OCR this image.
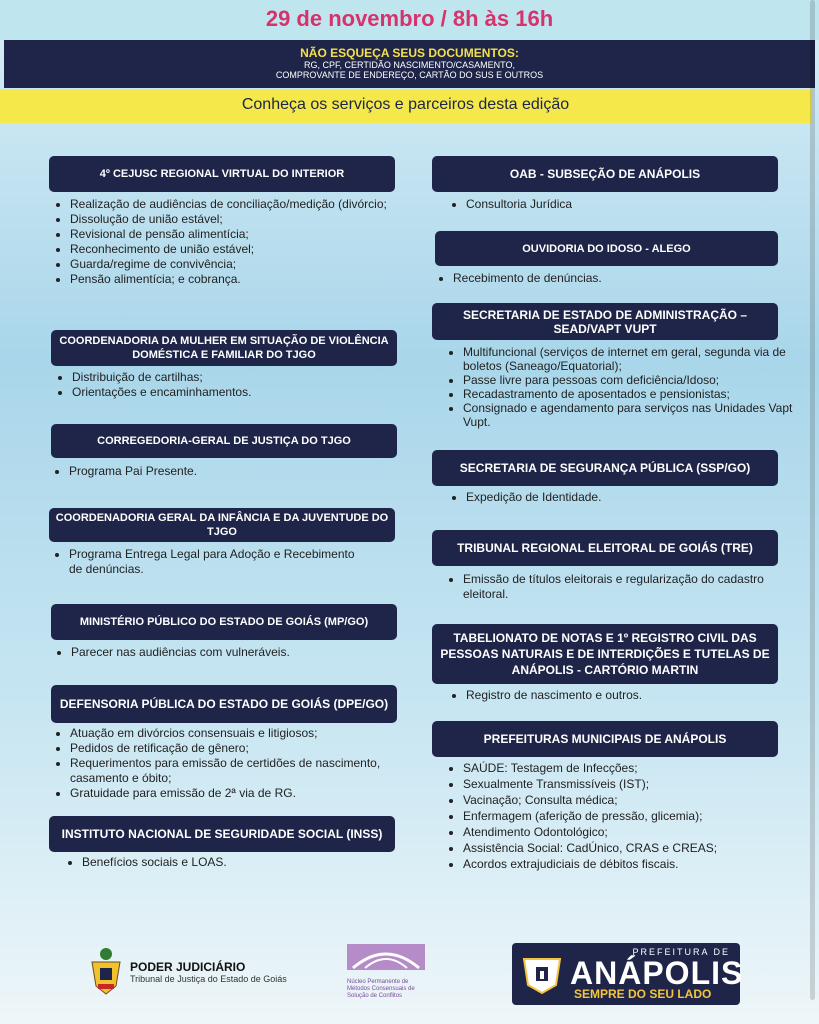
29 de novembro / 8h às 16h
NÃO ESQUEÇA SEUS DOCUMENTOS:
RG, CPF, CERTIDÃO NASCIMENTO/CASAMENTO,
COMPROVANTE DE ENDEREÇO, CARTÃO DO SUS E OUTROS
Conheça os serviços e parceiros desta edição
4º CEJUSC REGIONAL VIRTUAL DO INTERIOR
• Realização de audiências de conciliação/medição (divórcio;
• Dissolução de união estável;
• Revisional de pensão alimentícia;
• Reconhecimento de união estável;
• Guarda/regime de convivência;
• Pensão alimentícia; e cobrança.
COORDENADORIA DA MULHER EM SITUAÇÃO DE VIOLÊNCIA DOMÉSTICA E FAMILIAR DO TJGO
• Distribuição de cartilhas;
• Orientações e encaminhamentos.
CORREGEDORIA-GERAL DE JUSTIÇA DO TJGO
• Programa Pai Presente.
COORDENADORIA GERAL DA INFÂNCIA E DA JUVENTUDE DO TJGO
• Programa Entrega Legal para Adoção e Recebimento de denúncias.
MINISTÉRIO PÚBLICO DO ESTADO DE GOIÁS (MP/GO)
• Parecer nas audiências com vulneráveis.
DEFENSORIA PÚBLICA DO ESTADO DE GOIÁS (DPE/GO)
• Atuação em divórcios consensuais e litigiosos;
• Pedidos de retificação de gênero;
• Requerimentos para emissão de certidões de nascimento, casamento e óbito;
• Gratuidade para emissão de 2ª via de RG.
INSTITUTO NACIONAL DE SEGURIDADE SOCIAL (INSS)
• Benefícios sociais e LOAS.
OAB - SUBSEÇÃO DE ANÁPOLIS
• Consultoria Jurídica
OUVIDORIA DO IDOSO - ALEGO
• Recebimento de denúncias.
SECRETARIA DE ESTADO DE ADMINISTRAÇÃO – SEAD/VAPT VUPT
• Multifuncional (serviços de internet em geral, segunda via de boletos (Saneago/Equatorial);
• Passe livre para pessoas com deficiência/Idoso;
• Recadastramento de aposentados e pensionistas;
• Consignado e agendamento para serviços nas Unidades Vapt Vupt.
SECRETARIA DE SEGURANÇA PÚBLICA (SSP/GO)
• Expedição de Identidade.
TRIBUNAL REGIONAL ELEITORAL DE GOIÁS (TRE)
• Emissão de títulos eleitorais e regularização do cadastro eleitoral.
TABELIONATO DE NOTAS E 1º REGISTRO CIVIL DAS PESSOAS NATURAIS E DE INTERDIÇÕES E TUTELAS DE ANÁPOLIS - CARTÓRIO MARTIN
• Registro de nascimento e outros.
PREFEITURAS MUNICIPAIS DE ANÁPOLIS
• SAÚDE: Testagem de Infecções;
• Sexualmente Transmissíveis (IST);
• Vacinação; Consulta médica;
• Enfermagem (aferição de pressão, glicemia);
• Atendimento Odontológico;
• Assistência Social: CadÚnico, CRAS e CREAS;
• Acordos extrajudiciais de débitos fiscais.
PODER JUDICIÁRIO
Tribunal de Justiça do Estado de Goiás	Núcleo Permanente de Métodos Consensuais de Solução de Conflitos
PREFEITURA DE
ANÁPOLIS
SEMPRE DO SEU LADO
